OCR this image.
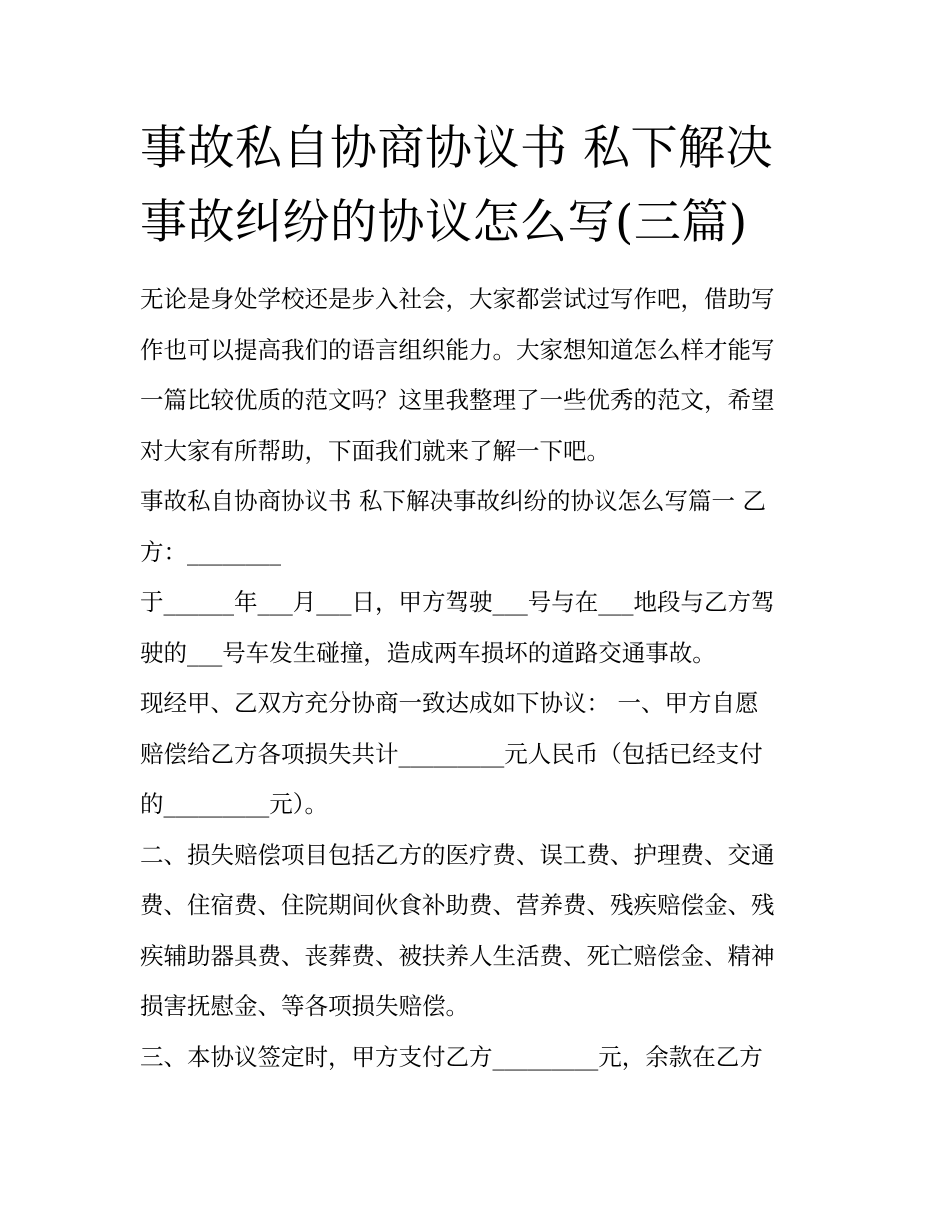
事故私自协商协议书 私下解决
事故纠纷的协议怎么写(三篇)

无论是身处学校还是步入社会，大家都尝试过写作吧，借助写
作也可以提高我们的语言组织能力。大家想知道怎么样才能写
一篇比较优质的范文吗？这里我整理了一些优秀的范文，希望
对大家有所帮助，下面我们就来了解一下吧。

事故私自协商协议书 私下解决事故纠纷的协议怎么写篇一 乙
方：________

于______年___月___日，甲方驾驶___号与在___地段与乙方驾
驶的___号车发生碰撞，造成两车损坏的道路交通事故。

现经甲、乙双方充分协商一致达成如下协议： 一、甲方自愿
赔偿给乙方各项损失共计_________元人民币（包括已经支付
的_________元）。

二、损失赔偿项目包括乙方的医疗费、误工费、护理费、交通
费、住宿费、住院期间伙食补助费、营养费、残疾赔偿金、残
疾辅助器具费、丧葬费、被扶养人生活费、死亡赔偿金、精神
损害抚慰金、等各项损失赔偿。

三、本协议签定时，甲方支付乙方_________元，余款在乙方
